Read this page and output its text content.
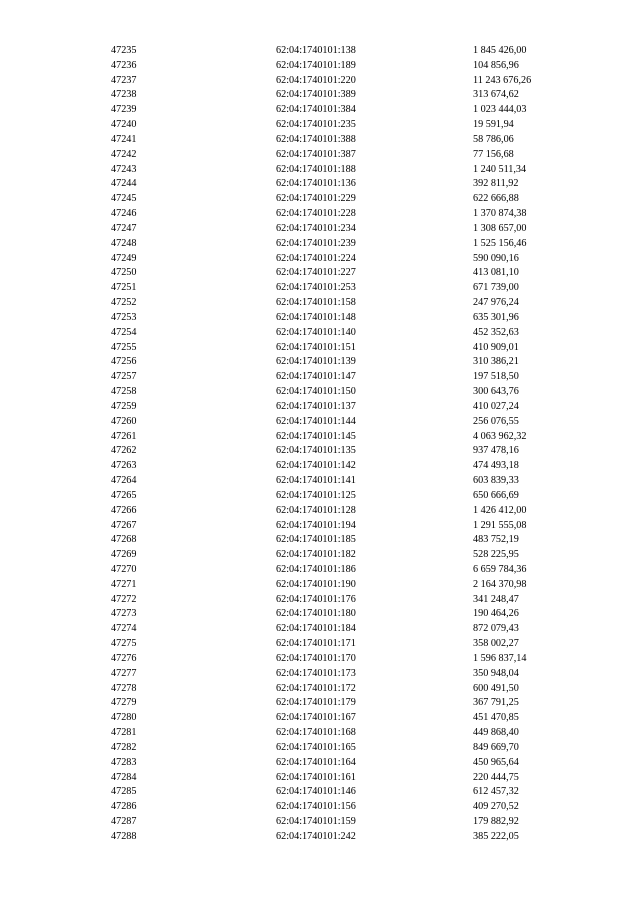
47235	62:04:1740101:138	1 845 426,00
47236	62:04:1740101:189	104 856,96
47237	62:04:1740101:220	11 243 676,26
47238	62:04:1740101:389	313 674,62
47239	62:04:1740101:384	1 023 444,03
47240	62:04:1740101:235	19 591,94
47241	62:04:1740101:388	58 786,06
47242	62:04:1740101:387	77 156,68
47243	62:04:1740101:188	1 240 511,34
47244	62:04:1740101:136	392 811,92
47245	62:04:1740101:229	622 666,88
47246	62:04:1740101:228	1 370 874,38
47247	62:04:1740101:234	1 308 657,00
47248	62:04:1740101:239	1 525 156,46
47249	62:04:1740101:224	590 090,16
47250	62:04:1740101:227	413 081,10
47251	62:04:1740101:253	671 739,00
47252	62:04:1740101:158	247 976,24
47253	62:04:1740101:148	635 301,96
47254	62:04:1740101:140	452 352,63
47255	62:04:1740101:151	410 909,01
47256	62:04:1740101:139	310 386,21
47257	62:04:1740101:147	197 518,50
47258	62:04:1740101:150	300 643,76
47259	62:04:1740101:137	410 027,24
47260	62:04:1740101:144	256 076,55
47261	62:04:1740101:145	4 063 962,32
47262	62:04:1740101:135	937 478,16
47263	62:04:1740101:142	474 493,18
47264	62:04:1740101:141	603 839,33
47265	62:04:1740101:125	650 666,69
47266	62:04:1740101:128	1 426 412,00
47267	62:04:1740101:194	1 291 555,08
47268	62:04:1740101:185	483 752,19
47269	62:04:1740101:182	528 225,95
47270	62:04:1740101:186	6 659 784,36
47271	62:04:1740101:190	2 164 370,98
47272	62:04:1740101:176	341 248,47
47273	62:04:1740101:180	190 464,26
47274	62:04:1740101:184	872 079,43
47275	62:04:1740101:171	358 002,27
47276	62:04:1740101:170	1 596 837,14
47277	62:04:1740101:173	350 948,04
47278	62:04:1740101:172	600 491,50
47279	62:04:1740101:179	367 791,25
47280	62:04:1740101:167	451 470,85
47281	62:04:1740101:168	449 868,40
47282	62:04:1740101:165	849 669,70
47283	62:04:1740101:164	450 965,64
47284	62:04:1740101:161	220 444,75
47285	62:04:1740101:146	612 457,32
47286	62:04:1740101:156	409 270,52
47287	62:04:1740101:159	179 882,92
47288	62:04:1740101:242	385 222,05
